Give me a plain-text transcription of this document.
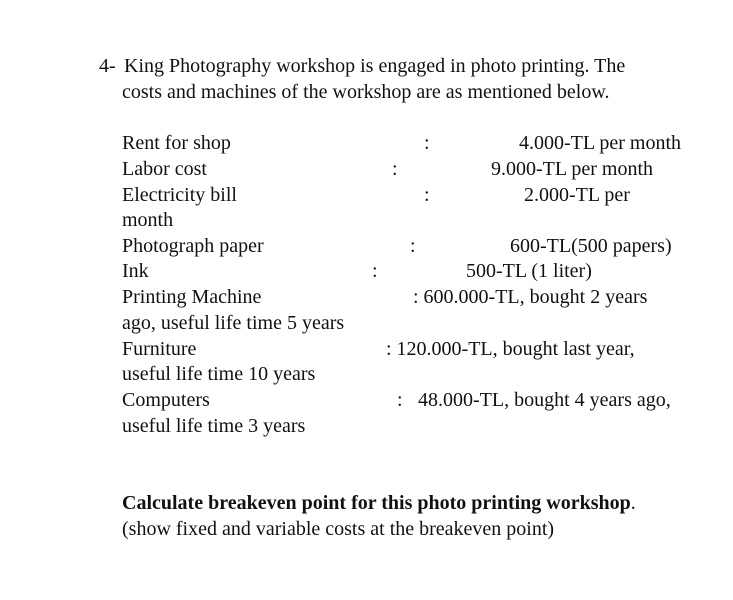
4- King Photography workshop is engaged in photo printing. The
costs and machines of the workshop are as mentioned below.
Rent for shop	:	4.000-TL per month
Labor cost	:	9.000-TL per month
Electricity bill	:	2.000-TL per
month
Photograph paper	:	600-TL(500 papers)
Ink	:	500-TL (1 liter)
Printing Machine	: 600.000-TL, bought 2 years
ago, useful life time 5 years
Furniture	: 120.000-TL, bought last year,
useful life time 10 years
Computers	: 48.000-TL, bought 4 years ago,
useful life time 3 years
Calculate breakeven point for this photo printing workshop.
(show fixed and variable costs at the breakeven point)
